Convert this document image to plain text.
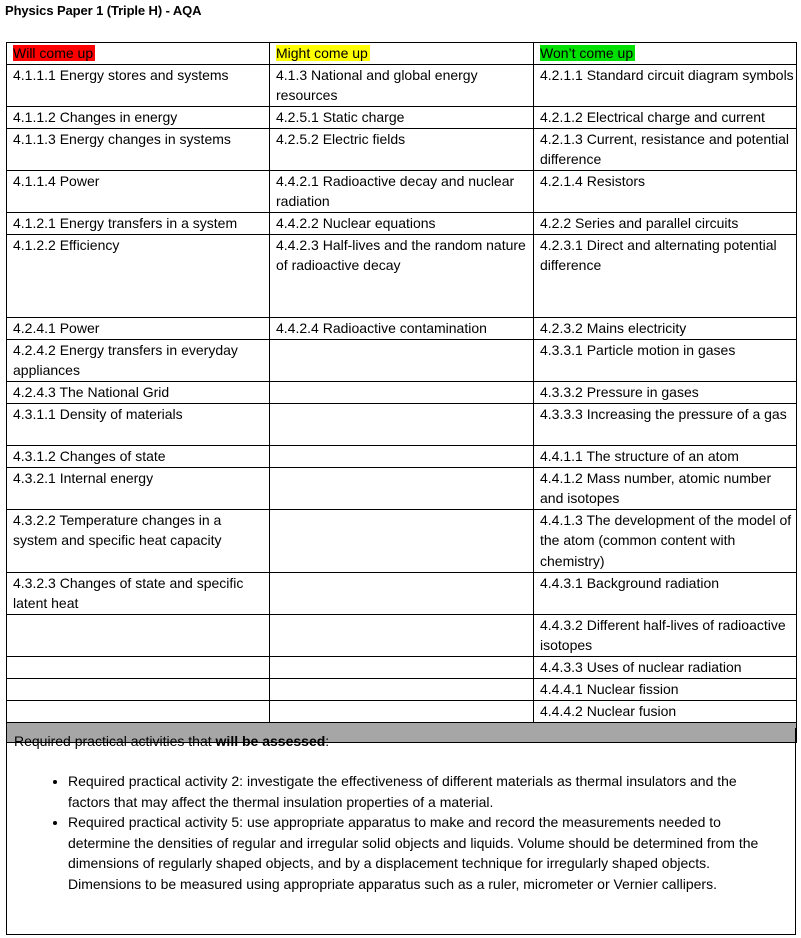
Physics Paper 1 (Triple H) - AQA
Will come up	Might come up	Won’t come up
4.1.1.1 Energy stores and systems	4.1.3 National and global energy resources	4.2.1.1 Standard circuit diagram symbols
4.1.1.2 Changes in energy	4.2.5.1 Static charge	4.2.1.2 Electrical charge and current
4.1.1.3 Energy changes in systems	4.2.5.2 Electric fields	4.2.1.3 Current, resistance and potential difference
4.1.1.4 Power	4.4.2.1 Radioactive decay and nuclear radiation	4.2.1.4 Resistors
4.1.2.1 Energy transfers in a system	4.4.2.2 Nuclear equations	4.2.2 Series and parallel circuits
4.1.2.2 Efficiency	4.4.2.3 Half-lives and the random nature of radioactive decay	4.2.3.1 Direct and alternating potential difference
4.2.4.1 Power	4.4.2.4 Radioactive contamination	4.2.3.2 Mains electricity
4.2.4.2 Energy transfers in everyday appliances		4.3.3.1 Particle motion in gases
4.2.4.3 The National Grid		4.3.3.2 Pressure in gases
4.3.1.1 Density of materials		4.3.3.3 Increasing the pressure of a gas
4.3.1.2 Changes of state		4.4.1.1 The structure of an atom
4.3.2.1 Internal energy		4.4.1.2 Mass number, atomic number and isotopes
4.3.2.2 Temperature changes in a system and specific heat capacity		4.4.1.3 The development of the model of the atom (common content with chemistry)
4.3.2.3 Changes of state and specific latent heat		4.4.3.1 Background radiation
		4.4.3.2 Different half-lives of radioactive isotopes
		4.4.3.3 Uses of nuclear radiation
		4.4.4.1 Nuclear fission
		4.4.4.2 Nuclear fusion

Required practical activities that will be assessed:
• Required practical activity 2: investigate the effectiveness of different materials as thermal insulators and the factors that may affect the thermal insulation properties of a material.
• Required practical activity 5: use appropriate apparatus to make and record the measurements needed to determine the densities of regular and irregular solid objects and liquids. Volume should be determined from the dimensions of regularly shaped objects, and by a displacement technique for irregularly shaped objects. Dimensions to be measured using appropriate apparatus such as a ruler, micrometer or Vernier callipers.
